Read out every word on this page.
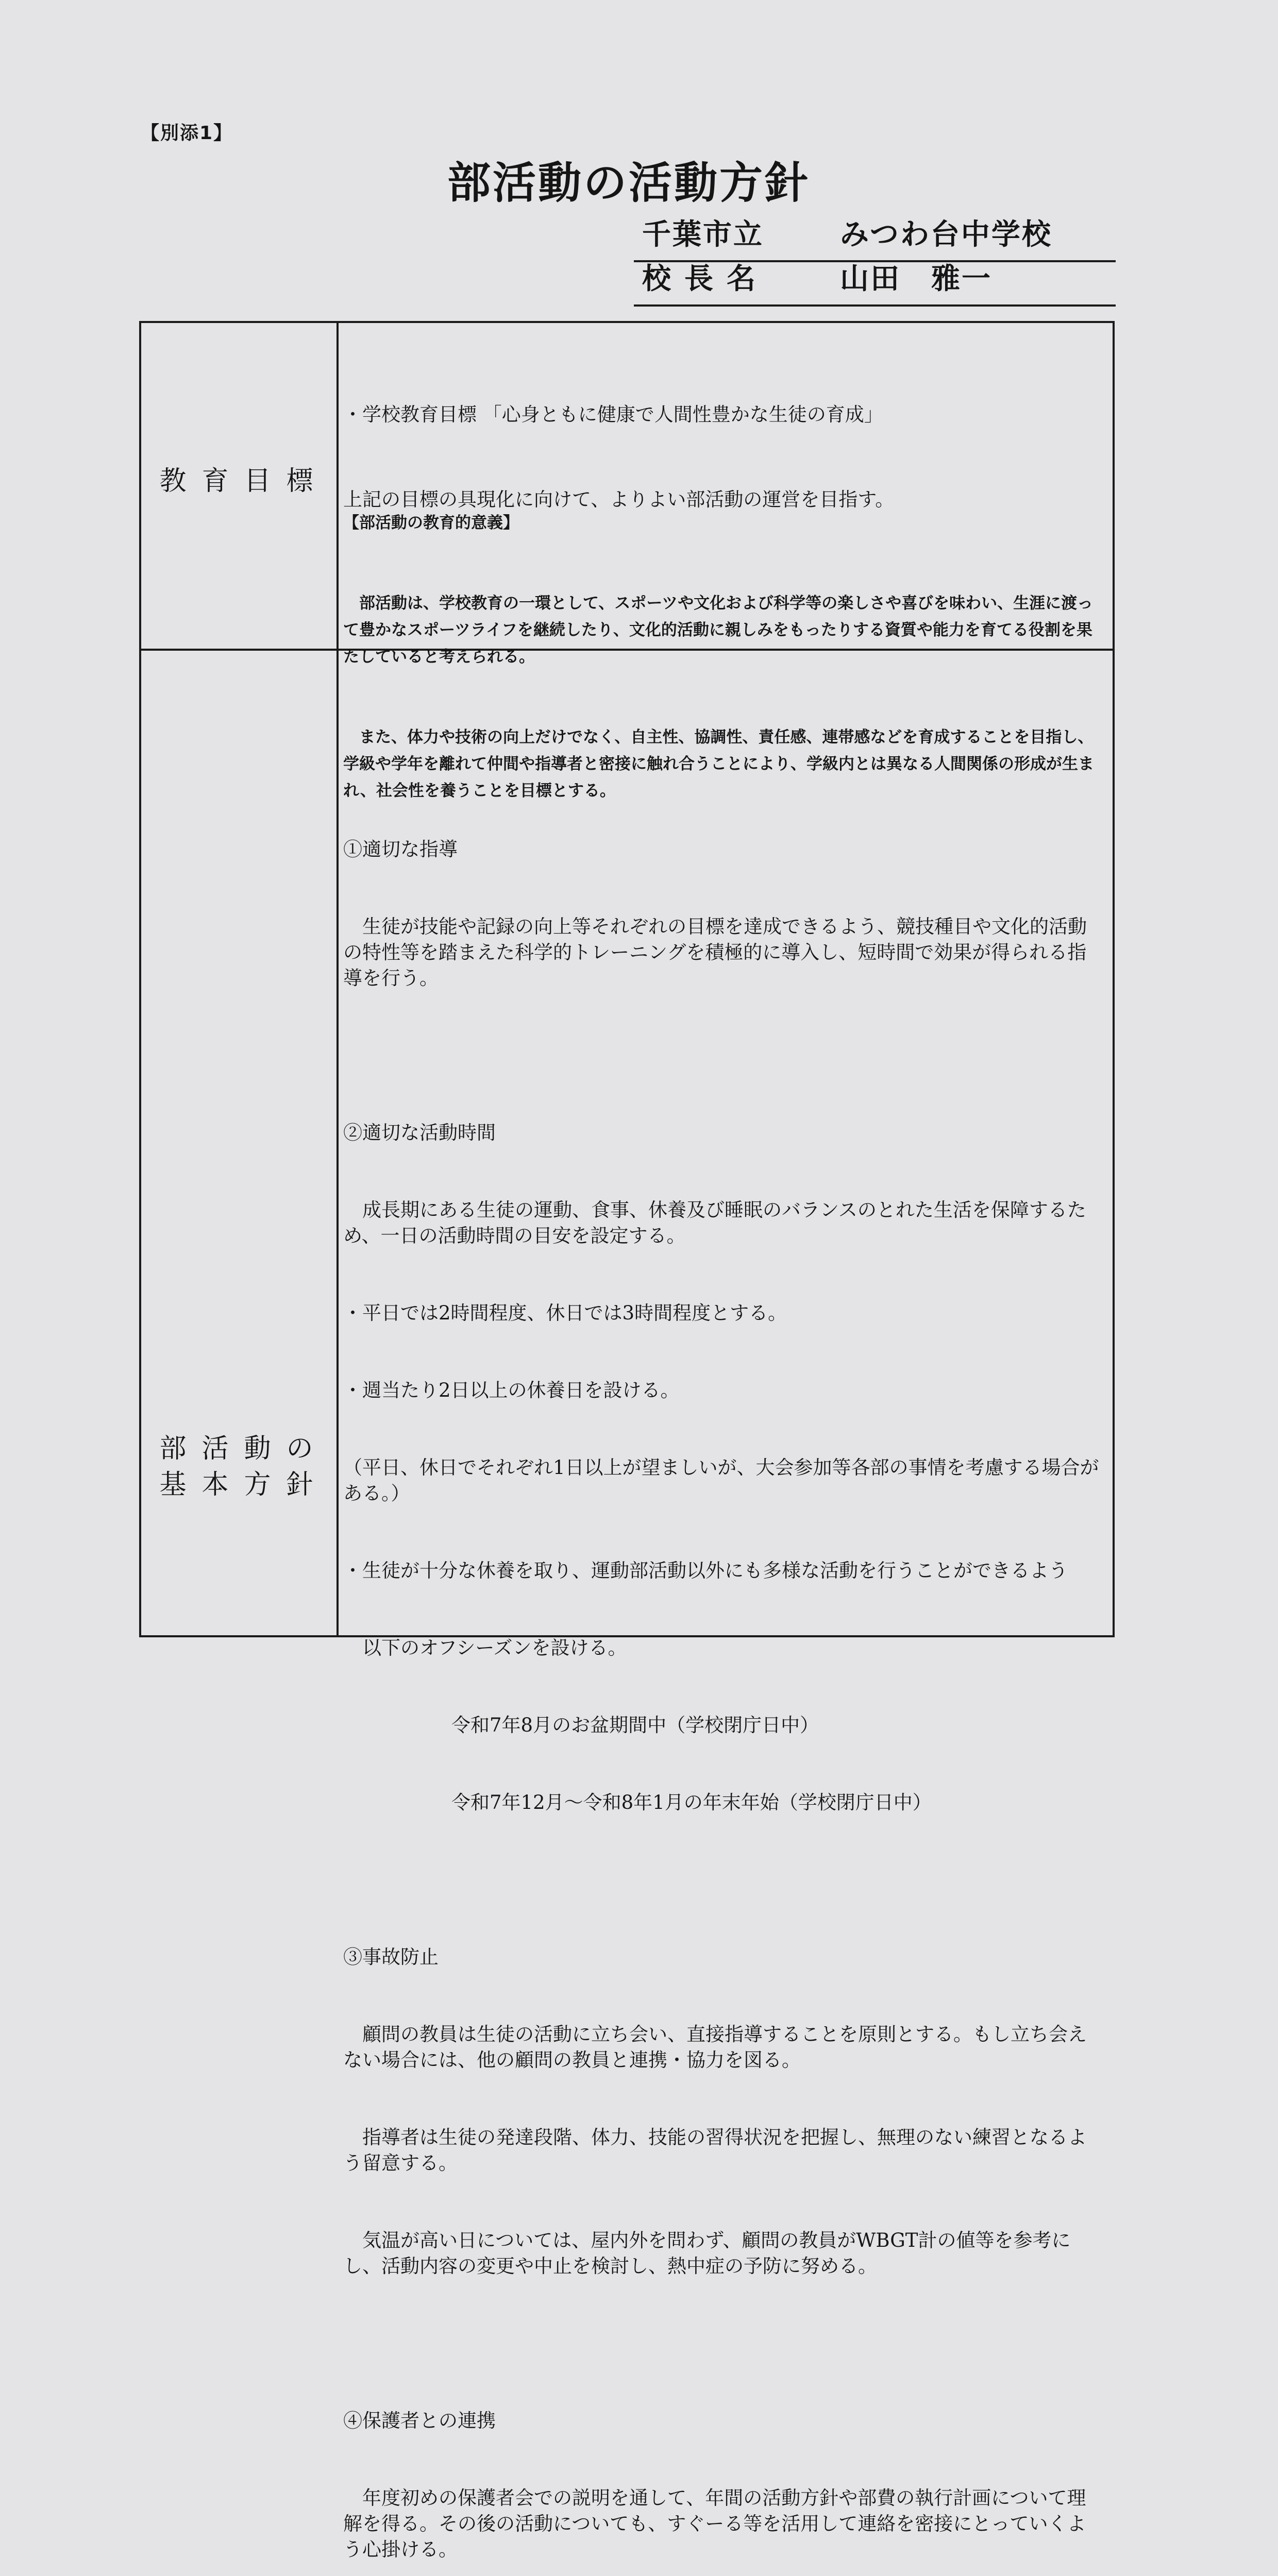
【別添1】
部活動の活動方針
千葉市立	みつわ台中学校
校長名 山田　雅一
教育目標

・学校教育目標 「心身ともに健康で人間性豊かな生徒の育成」

上記の目標の具現化に向けて、よりよい部活動の運営を目指す。

【部活動の教育的意義】

　部活動は、学校教育の一環として、スポーツや文化および科学等の楽しさや喜びを味わい、生涯に渡って豊かなスポーツライフを継続したり、文化的活動に親しみをもったりする資質や能力を育てる役割を果たしていると考えられる。

　また、体力や技術の向上だけでなく、自主性、協調性、責任感、連帯感などを育成することを目指し、学級や学年を離れて仲間や指導者と密接に触れ合うことにより、学級内とは異なる人間関係の形成が生まれ、社会性を養うことを目標とする。

部活動の
基本方針

①適切な指導

　生徒が技能や記録の向上等それぞれの目標を達成できるよう、競技種目や文化的活動の特性等を踏まえた科学的トレーニングを積極的に導入し、短時間で効果が得られる指導を行う。

②適切な活動時間

　成長期にある生徒の運動、食事、休養及び睡眠のバランスのとれた生活を保障するため、一日の活動時間の目安を設定する。

・平日では2時間程度、休日では3時間程度とする。

・週当たり2日以上の休養日を設ける。

（平日、休日でそれぞれ1日以上が望ましいが、大会参加等各部の事情を考慮する場合がある。）

・生徒が十分な休養を取り、運動部活動以外にも多様な活動を行うことができるよう

　以下のオフシーズンを設ける。

令和7年8月のお盆期間中（学校閉庁日中）

令和7年12月～令和8年1月の年末年始（学校閉庁日中）

③事故防止

　顧問の教員は生徒の活動に立ち会い、直接指導することを原則とする。もし立ち会えない場合には、他の顧問の教員と連携・協力を図る。

　指導者は生徒の発達段階、体力、技能の習得状況を把握し、無理のない練習となるよう留意する。

　気温が高い日については、屋内外を問わず、顧問の教員がWBGT計の値等を参考にし、活動内容の変更や中止を検討し、熱中症の予防に努める。

④保護者との連携

　年度初めの保護者会での説明を通して、年間の活動方針や部費の執行計画について理解を得る。その後の活動についても、すぐーる等を活用して連絡を密接にとっていくよう心掛ける。
